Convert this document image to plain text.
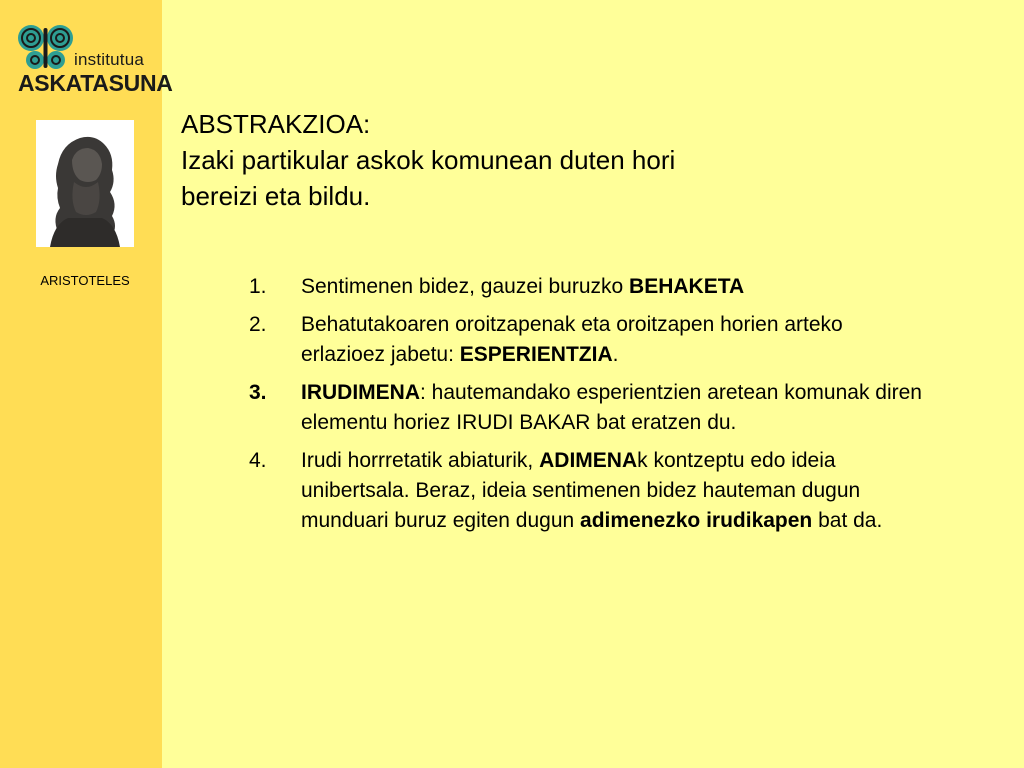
institutua
ASKATASUNA
ARISTOTELES
ABSTRAKZIOA:
Izaki partikular askok komunean duten hori
bereizi eta bildu.
1. Sentimenen bidez, gauzei buruzko BEHAKETA
2. Behatutakoaren oroitzapenak eta oroitzapen horien arteko erlazioez jabetu: ESPERIENTZIA.
3. IRUDIMENA: hautemandako esperientzien aretean komunak diren elementu horiez IRUDI BAKAR bat eratzen du.
4. Irudi horrretatik abiaturik, ADIMENAk kontzeptu edo ideia unibertsala. Beraz, ideia sentimenen bidez hauteman dugun munduari buruz egiten dugun adimenezko irudikapen bat da.
